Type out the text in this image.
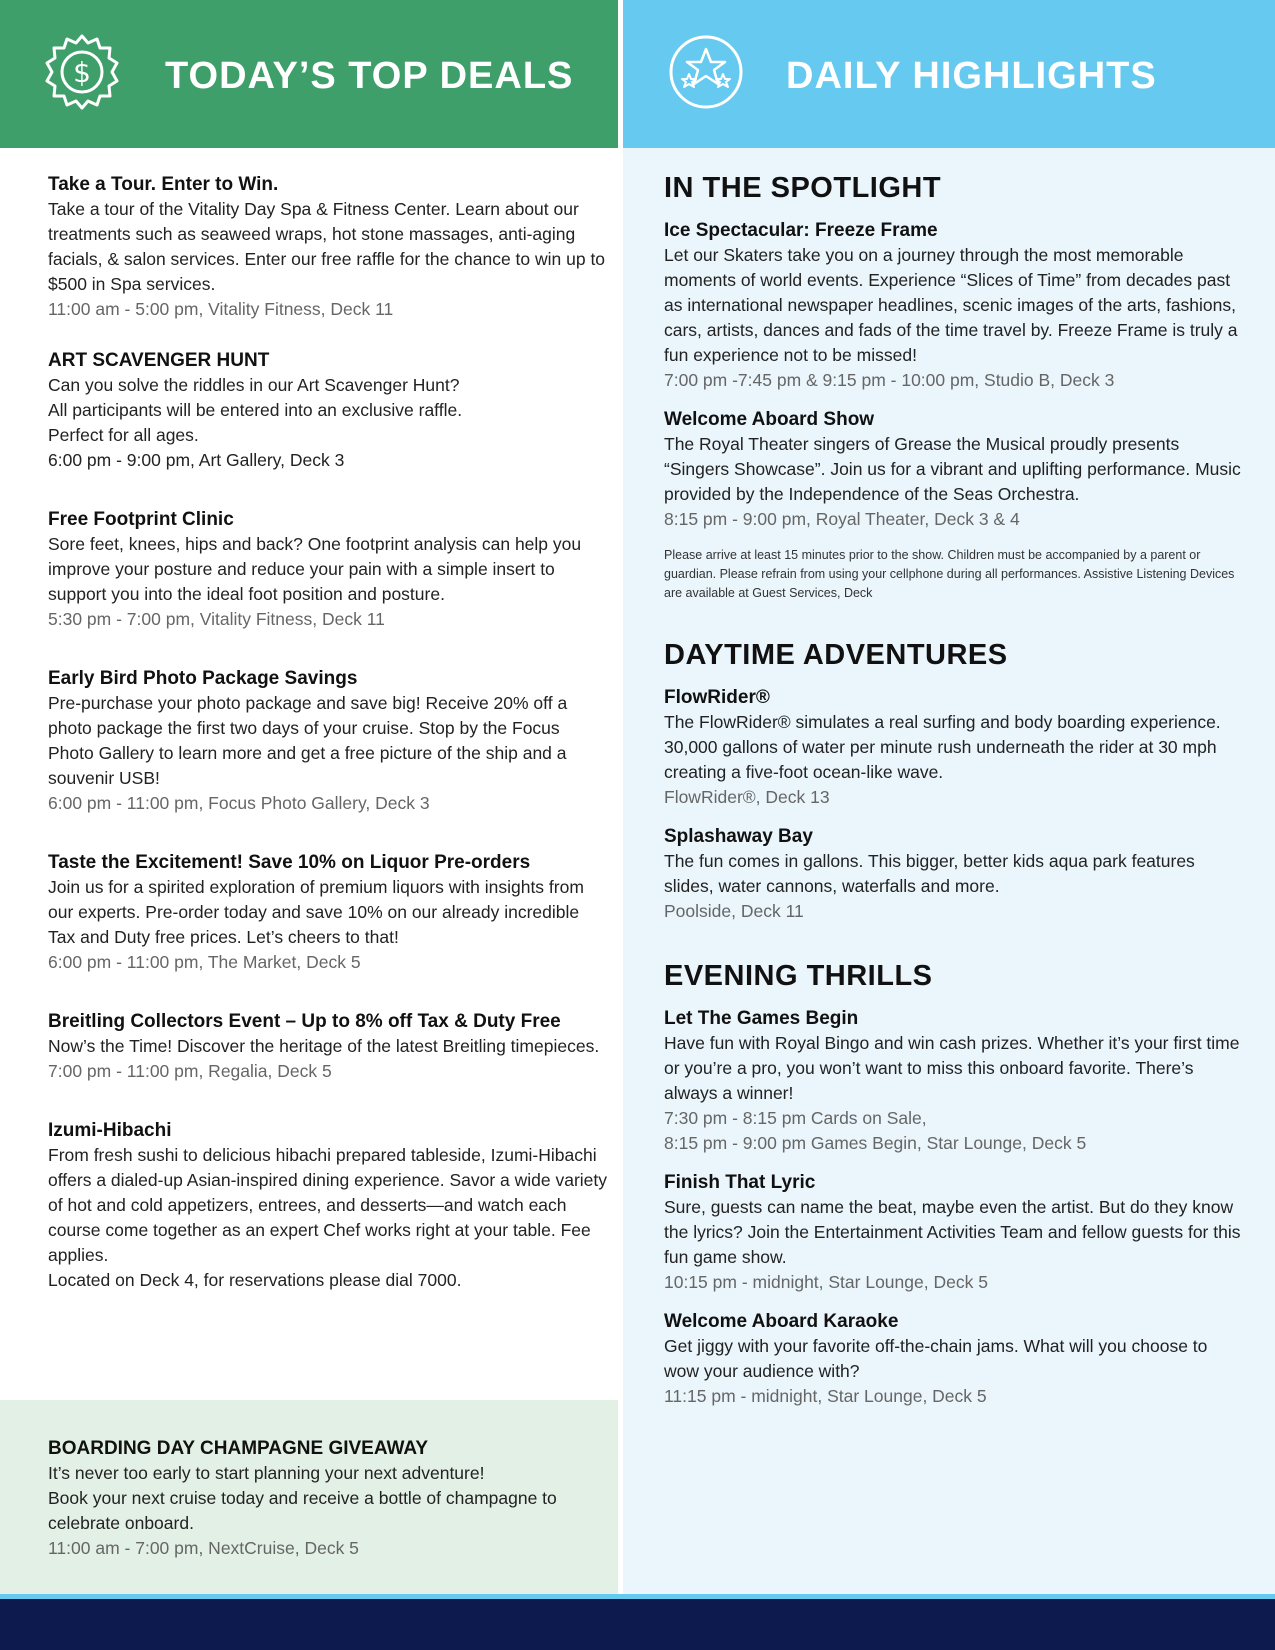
$ TODAY’S TOP DEALS	DAILY HIGHLIGHTS
Take a Tour. Enter to Win.
Take a tour of the Vitality Day Spa & Fitness Center. Learn about our treatments such as seaweed wraps, hot stone massages, anti-aging facials, & salon services. Enter our free raffle for the chance to win up to $500 in Spa services.
11:00 am - 5:00 pm, Vitality Fitness, Deck 11
ART SCAVENGER HUNT
Can you solve the riddles in our Art Scavenger Hunt?
All participants will be entered into an exclusive raffle.
Perfect for all ages.
6:00 pm - 9:00 pm, Art Gallery, Deck 3
Free Footprint Clinic
Sore feet, knees, hips and back? One footprint analysis can help you improve your posture and reduce your pain with a simple insert to support you into the ideal foot position and posture.
5:30 pm - 7:00 pm, Vitality Fitness, Deck 11
Early Bird Photo Package Savings
Pre-purchase your photo package and save big! Receive 20% off a photo package the first two days of your cruise. Stop by the Focus Photo Gallery to learn more and get a free picture of the ship and a souvenir USB!
6:00 pm - 11:00 pm, Focus Photo Gallery, Deck 3
Taste the Excitement! Save 10% on Liquor Pre-orders
Join us for a spirited exploration of premium liquors with insights from our experts. Pre-order today and save 10% on our already incredible Tax and Duty free prices. Let’s cheers to that!
6:00 pm - 11:00 pm, The Market, Deck 5
Breitling Collectors Event – Up to 8% off Tax & Duty Free
Now’s the Time! Discover the heritage of the latest Breitling timepieces.
7:00 pm - 11:00 pm, Regalia, Deck 5
Izumi-Hibachi
From fresh sushi to delicious hibachi prepared tableside, Izumi-Hibachi offers a dialed-up Asian-inspired dining experience. Savor a wide variety of hot and cold appetizers, entrees, and desserts—and watch each course come together as an expert Chef works right at your table. Fee applies.
Located on Deck 4, for reservations please dial 7000.
BOARDING DAY CHAMPAGNE GIVEAWAY
It’s never too early to start planning your next adventure!
Book your next cruise today and receive a bottle of champagne to celebrate onboard.
11:00 am - 7:00 pm, NextCruise, Deck 5
IN THE SPOTLIGHT
Ice Spectacular: Freeze Frame
Let our Skaters take you on a journey through the most memorable moments of world events. Experience “Slices of Time” from decades past as international newspaper headlines, scenic images of the arts, fashions, cars, artists, dances and fads of the time travel by. Freeze Frame is truly a fun experience not to be missed!
7:00 pm -7:45 pm & 9:15 pm - 10:00 pm, Studio B, Deck 3
Welcome Aboard Show
The Royal Theater singers of Grease the Musical proudly presents “Singers Showcase”. Join us for a vibrant and uplifting performance. Music provided by the Independence of the Seas Orchestra.
8:15 pm - 9:00 pm, Royal Theater, Deck 3 & 4
Please arrive at least 15 minutes prior to the show. Children must be accompanied by a parent or guardian. Please refrain from using your cellphone during all performances. Assistive Listening Devices are available at Guest Services, Deck
DAYTIME ADVENTURES
FlowRider®
The FlowRider® simulates a real surfing and body boarding experience. 30,000 gallons of water per minute rush underneath the rider at 30 mph creating a five-foot ocean-like wave.
FlowRider®, Deck 13
Splashaway Bay
The fun comes in gallons. This bigger, better kids aqua park features slides, water cannons, waterfalls and more.
Poolside, Deck 11
EVENING THRILLS
Let The Games Begin
Have fun with Royal Bingo and win cash prizes. Whether it’s your first time or you’re a pro, you won’t want to miss this onboard favorite. There’s always a winner!
7:30 pm - 8:15 pm Cards on Sale,
8:15 pm - 9:00 pm Games Begin, Star Lounge, Deck 5
Finish That Lyric
Sure, guests can name the beat, maybe even the artist. But do they know the lyrics? Join the Entertainment Activities Team and fellow guests for this fun game show.
10:15 pm - midnight, Star Lounge, Deck 5
Welcome Aboard Karaoke
Get jiggy with your favorite off-the-chain jams. What will you choose to wow your audience with?
11:15 pm - midnight, Star Lounge, Deck 5
